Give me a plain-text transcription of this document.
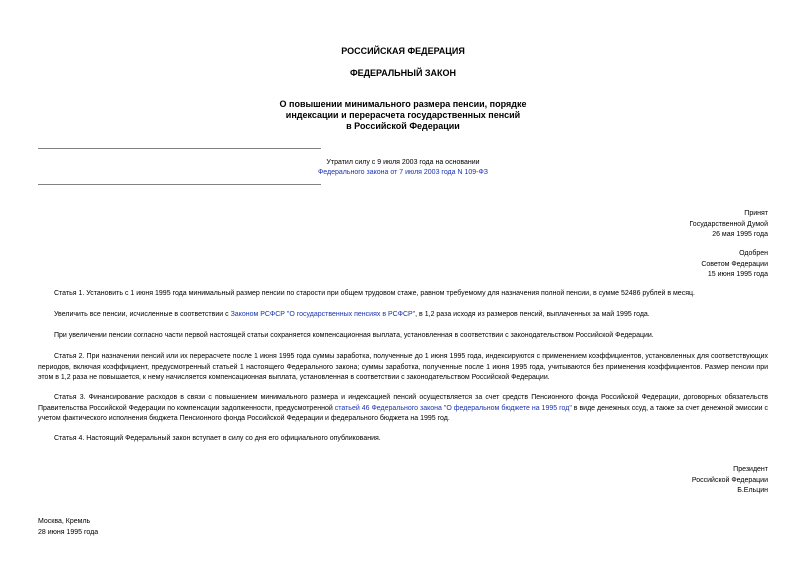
РОССИЙСКАЯ ФЕДЕРАЦИЯ
ФЕДЕРАЛЬНЫЙ ЗАКОН
О повышении минимального размера пенсии, порядке
индексации и перерасчета государственных пенсий
в Российской Федерации
Утратил силу с 9 июля 2003 года на основании
Федерального закона от 7 июля 2003 года N 109-ФЗ
Принят
Государственной Думой
26 мая 1995 года
Одобрен
Советом Федерации
15 июня 1995 года
Статья 1. Установить с 1 июня 1995 года минимальный размер пенсии по старости при общем трудовом стаже, равном требуемому для назначения полной пенсии, в сумме 52486 рублей в месяц.
Увеличить все пенсии, исчисленные в соответствии с Законом РСФСР "О государственных пенсиях в РСФСР", в 1,2 раза исходя из размеров пенсий, выплаченных за май 1995 года.
При увеличении пенсии согласно части первой настоящей статьи сохраняется компенсационная выплата, установленная в соответствии с законодательством Российской Федерации.
Статья 2. При назначении пенсий или их перерасчете после 1 июня 1995 года суммы заработка, полученные до 1 июня 1995 года, индексируются с применением коэффициентов, установленных для соответствующих периодов, включая коэффициент, предусмотренный статьей 1 настоящего Федерального закона; суммы заработка, полученные после 1 июня 1995 года, учитываются без применения коэффициентов. Размер пенсии при этом в 1,2 раза не повышается, к нему начисляется компенсационная выплата, установленная в соответствии с законодательством Российской Федерации.
Статья 3. Финансирование расходов в связи с повышением минимального размера и индексацией пенсий осуществляется за счет средств Пенсионного фонда Российской Федерации, договорных обязательств Правительства Российской Федерации по компенсации задолженности, предусмотренной статьей 46 Федерального закона "О федеральном бюджете на 1995 год" в виде денежных ссуд, а также за счет денежной эмиссии с учетом фактического исполнения бюджета Пенсионного фонда Российской Федерации и федерального бюджета на 1995 год.
Статья 4. Настоящий Федеральный закон вступает в силу со дня его официального опубликования.
Президент
Российской Федерации
Б.Ельцин
Москва, Кремль
28 июня 1995 года
